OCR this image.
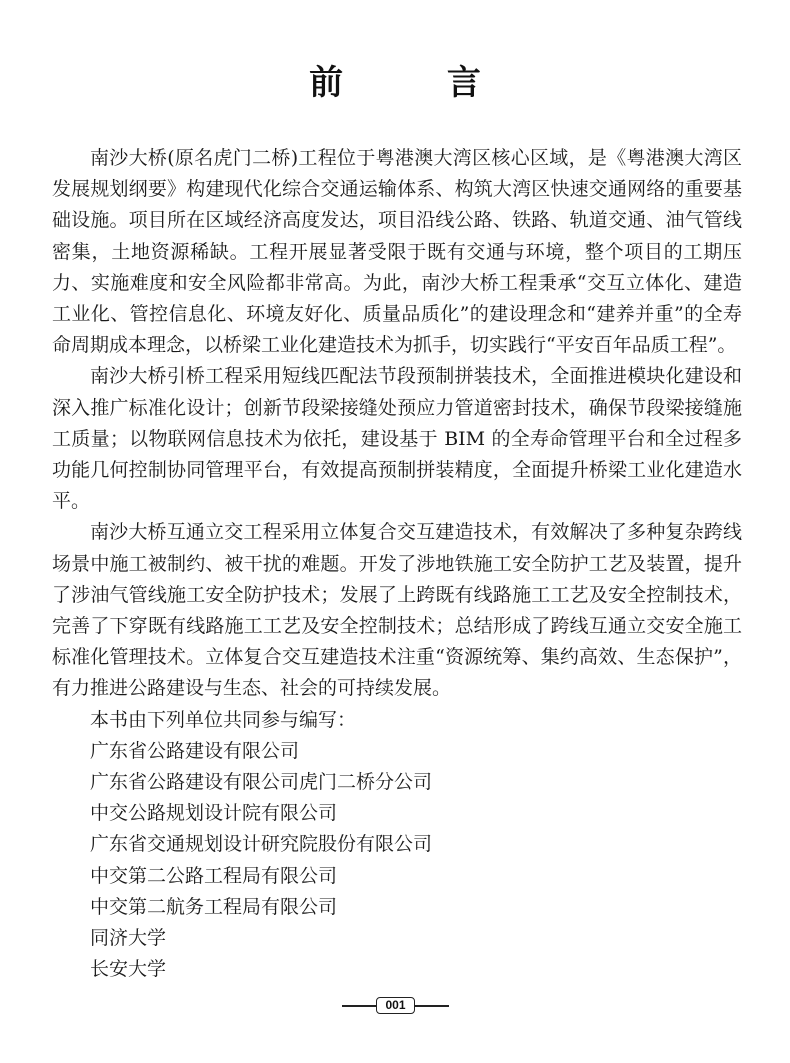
前 言

南沙大桥(原名虎门二桥)工程位于粤港澳大湾区核心区域，是《粤港澳大湾区发展规划纲要》构建现代化综合交通运输体系、构筑大湾区快速交通网络的重要基础设施。项目所在区域经济高度发达，项目沿线公路、铁路、轨道交通、油气管线密集，土地资源稀缺。工程开展显著受限于既有交通与环境，整个项目的工期压力、实施难度和安全风险都非常高。为此，南沙大桥工程秉承“交互立体化、建造工业化、管控信息化、环境友好化、质量品质化”的建设理念和“建养并重”的全寿命周期成本理念，以桥梁工业化建造技术为抓手，切实践行“平安百年品质工程”。

南沙大桥引桥工程采用短线匹配法节段预制拼装技术，全面推进模块化建设和深入推广标准化设计；创新节段梁接缝处预应力管道密封技术，确保节段梁接缝施工质量；以物联网信息技术为依托，建设基于 BIM 的全寿命管理平台和全过程多功能几何控制协同管理平台，有效提高预制拼装精度，全面提升桥梁工业化建造水平。

南沙大桥互通立交工程采用立体复合交互建造技术，有效解决了多种复杂跨线场景中施工被制约、被干扰的难题。开发了涉地铁施工安全防护工艺及装置，提升了涉油气管线施工安全防护技术；发展了上跨既有线路施工工艺及安全控制技术，完善了下穿既有线路施工工艺及安全控制技术；总结形成了跨线互通立交安全施工标准化管理技术。立体复合交互建造技术注重“资源统筹、集约高效、生态保护”，有力推进公路建设与生态、社会的可持续发展。

本书由下列单位共同参与编写：
广东省公路建设有限公司
广东省公路建设有限公司虎门二桥分公司
中交公路规划设计院有限公司
广东省交通规划设计研究院股份有限公司
中交第二公路工程局有限公司
中交第二航务工程局有限公司
同济大学
长安大学
001
